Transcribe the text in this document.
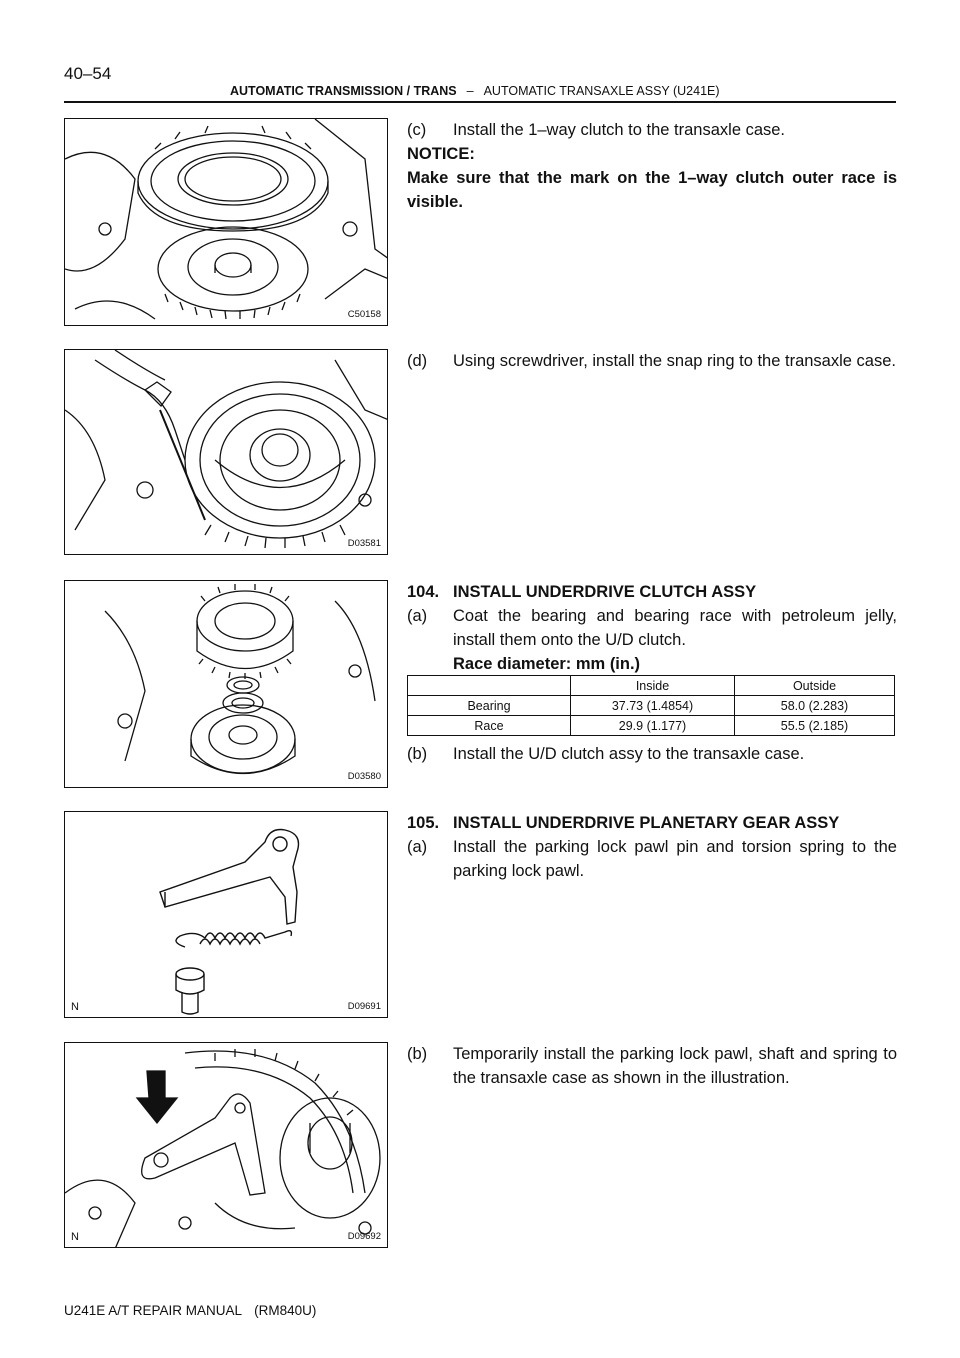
40–54
AUTOMATIC TRANSMISSION / TRANS – AUTOMATIC TRANSAXLE ASSY (U241E)
C50158
D03581
D03580
N	D09691
N	D09692
(c)	Install the 1–way clutch to the transaxle case.
NOTICE:
Make sure that the mark on the 1–way clutch outer race is visible.
(d)	Using screwdriver, install the snap ring to the transaxle case.
104. INSTALL UNDERDRIVE CLUTCH ASSY
(a)	Coat the bearing and bearing race with petroleum jelly, install them onto the U/D clutch.
Race diameter: mm (in.)
	Inside	Outside
Bearing	37.73 (1.4854)	58.0 (2.283)
Race	29.9 (1.177)	55.5 (2.185)
(b)	Install the U/D clutch assy to the transaxle case.
105. INSTALL UNDERDRIVE PLANETARY GEAR ASSY
(a)	Install the parking lock pawl pin and torsion spring to the parking lock pawl.
(b)	Temporarily install the parking lock pawl, shaft and spring to the transaxle case as shown in the illustration.
U241E A/T REPAIR MANUAL (RM840U)
